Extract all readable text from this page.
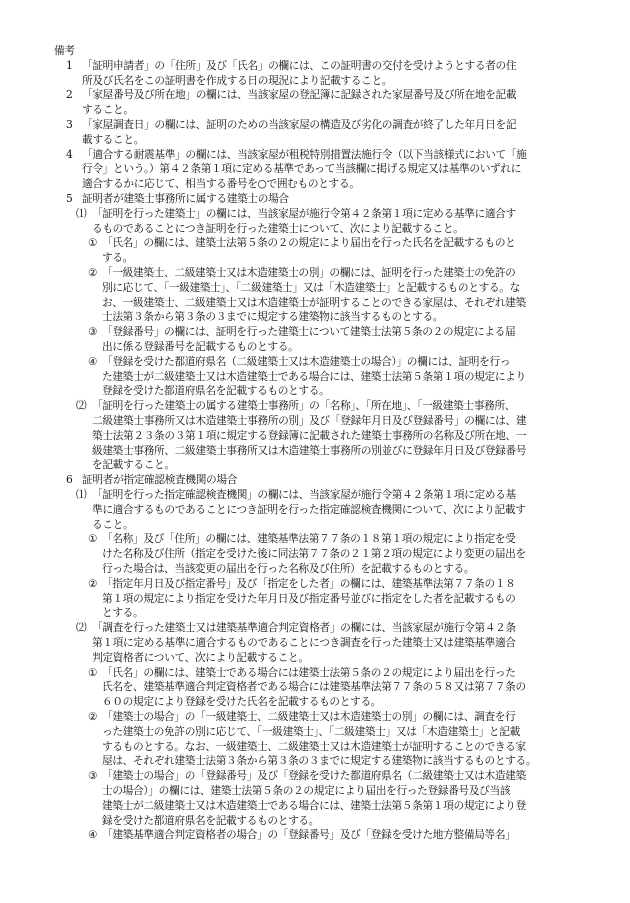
備考
1 「証明申請者」の「住所」及び「氏名」の欄には、この証明書の交付を受けようとする者の住
所及び氏名をこの証明書を作成する日の現況により記載すること。
2 「家屋番号及び所在地」の欄には、当該家屋の登記簿に記録された家屋番号及び所在地を記載
すること。
3 「家屋調査日」の欄には、証明のための当該家屋の構造及び劣化の調査が終了した年月日を記
載すること。
4 「適合する耐震基準」の欄には、当該家屋が租税特別措置法施行令（以下当該様式において「施
行令」という。）第４２条第１項に定める基準であって当該欄に掲げる規定又は基準のいずれに
適合するかに応じて、相当する番号を○で囲むものとする。
5 証明者が建築士事務所に属する建築士の場合
⑴ 「証明を行った建築士」の欄には、当該家屋が施行令第４２条第１項に定める基準に適合す
るものであることにつき証明を行った建築士について、次により記載すること。
① 「氏名」の欄には、建築士法第５条の２の規定により届出を行った氏名を記載するものと
する。
② 「一級建築士、二級建築士又は木造建築士の別」の欄には、証明を行った建築士の免許の
別に応じて、「一級建築士」、「二級建築士」又は「木造建築士」と記載するものとする。な
お、一級建築士、二級建築士又は木造建築士が証明することのできる家屋は、それぞれ建築
士法第３条から第３条の３までに規定する建築物に該当するものとする。
③ 「登録番号」の欄には、証明を行った建築士について建築士法第５条の２の規定による届
出に係る登録番号を記載するものとする。
④ 「登録を受けた都道府県名（二級建築士又は木造建築士の場合）」の欄には、証明を行っ
た建築士が二級建築士又は木造建築士である場合には、建築士法第５条第１項の規定により
登録を受けた都道府県名を記載するものとする。
⑵ 「証明を行った建築士の属する建築士事務所」の「名称」、「所在地」、「一級建築士事務所、
二級建築士事務所又は木造建築士事務所の別」及び「登録年月日及び登録番号」の欄には、建
築士法第２３条の３第１項に規定する登録簿に記載された建築士事務所の名称及び所在地、一
級建築士事務所、二級建築士事務所又は木造建築士事務所の別並びに登録年月日及び登録番号
を記載すること。
6 証明者が指定確認検査機関の場合
⑴ 「証明を行った指定確認検査機関」の欄には、当該家屋が施行令第４２条第１項に定める基
準に適合するものであることにつき証明を行った指定確認検査機関について、次により記載す
ること。
① 「名称」及び「住所」の欄には、建築基準法第７７条の１８第１項の規定により指定を受
けた名称及び住所（指定を受けた後に同法第７７条の２１第２項の規定により変更の届出を
行った場合は、当該変更の届出を行った名称及び住所）を記載するものとする。
② 「指定年月日及び指定番号」及び「指定をした者」の欄には、建築基準法第７７条の１８
第１項の規定により指定を受けた年月日及び指定番号並びに指定をした者を記載するもの
とする。
⑵ 「調査を行った建築士又は建築基準適合判定資格者」の欄には、当該家屋が施行令第４２条
第１項に定める基準に適合するものであることにつき調査を行った建築士又は建築基準適合
判定資格者について、次により記載すること。
① 「氏名」の欄には、建築士である場合には建築士法第５条の２の規定により届出を行った
氏名を、建築基準適合判定資格者である場合には建築基準法第７７条の５８又は第７７条の
６０の規定により登録を受けた氏名を記載するものとする。
② 「建築士の場合」の「一級建築士、二級建築士又は木造建築士の別」の欄には、調査を行
った建築士の免許の別に応じて、「一級建築士」、「二級建築士」又は「木造建築士」と記載
するものとする。なお、一級建築士、二級建築士又は木造建築士が証明することのできる家
屋は、それぞれ建築士法第３条から第３条の３までに規定する建築物に該当するものとする。
③ 「建築士の場合」の「登録番号」及び「登録を受けた都道府県名（二級建築士又は木造建築
士の場合）」の欄には、建築士法第５条の２の規定により届出を行った登録番号及び当該
建築士が二級建築士又は木造建築士である場合には、建築士法第５条第１項の規定により登
録を受けた都道府県名を記載するものとする。
④ 「建築基準適合判定資格者の場合」の「登録番号」及び「登録を受けた地方整備局等名」
